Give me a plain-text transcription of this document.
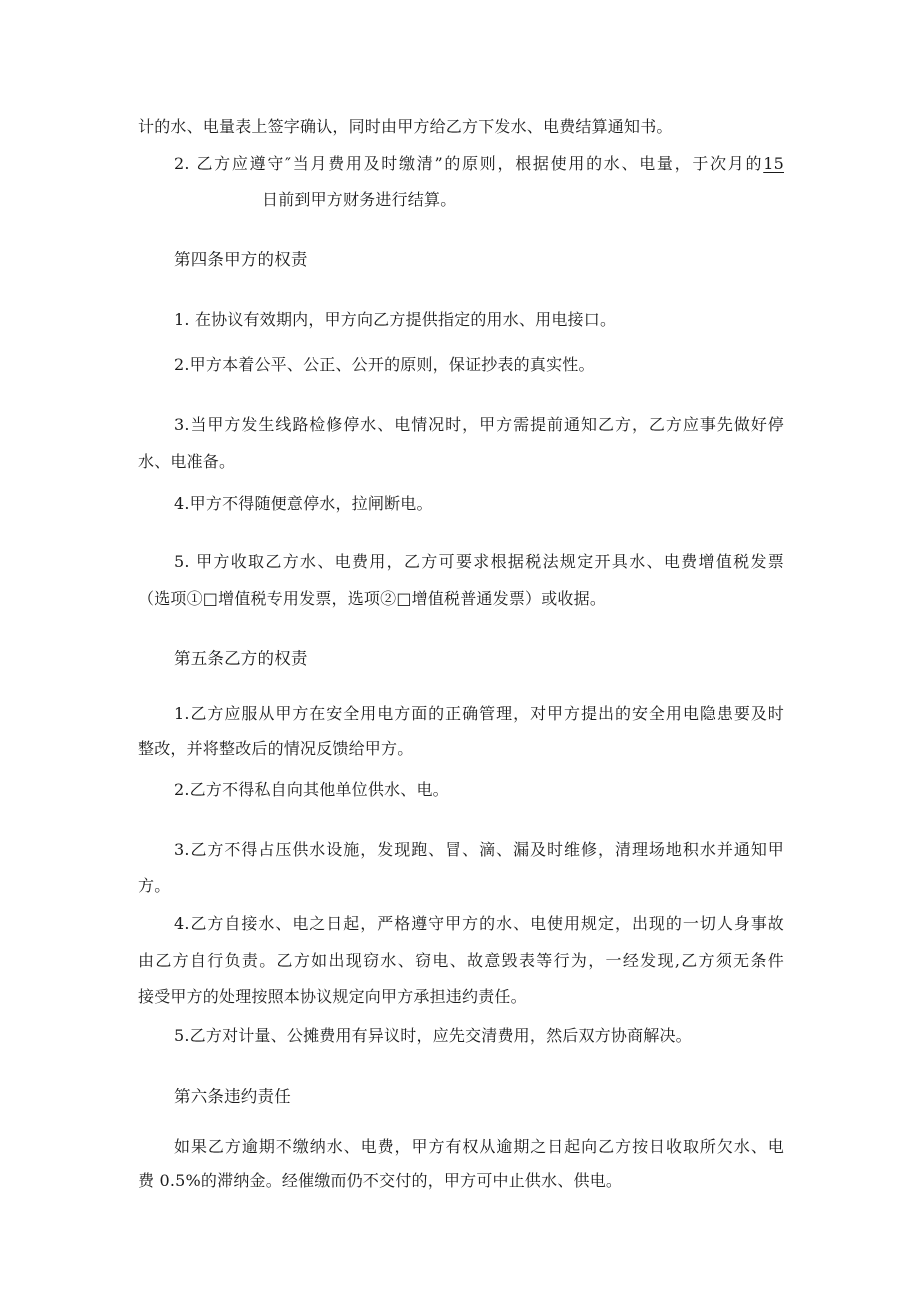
计的水、电量表上签字确认，同时由甲方给乙方下发水、电费结算通知书。
2. 乙方应遵守″当月费用及时缴清”的原则，根据使用的水、电量，于次月的15
日前到甲方财务进行结算。
第四条甲方的权责
1. 在协议有效期内，甲方向乙方提供指定的用水、用电接口。
2.甲方本着公平、公正、公开的原则，保证抄表的真实性。
3.当甲方发生线路检修停水、电情况时，甲方需提前通知乙方，乙方应事先做好停
水、电准备。
4.甲方不得随便意停水，拉闸断电。
5. 甲方收取乙方水、电费用，乙方可要求根据税法规定开具水、电费增值税发票
（选项①□增值税专用发票，选项②□增值税普通发票）或收据。
第五条乙方的权责
1.乙方应服从甲方在安全用电方面的正确管理，对甲方提出的安全用电隐患要及时
整改，并将整改后的情况反馈给甲方。
2.乙方不得私自向其他单位供水、电。
3.乙方不得占压供水设施，发现跑、冒、滴、漏及时维修，清理场地积水并通知甲
方。
4.乙方自接水、电之日起，严格遵守甲方的水、电使用规定，出现的一切人身事故
由乙方自行负责。乙方如出现窃水、窃电、故意毁表等行为，一经发现,乙方须无条件
接受甲方的处理按照本协议规定向甲方承担违约责任。
5.乙方对计量、公摊费用有异议时，应先交清费用，然后双方协商解决。
第六条违约责任
如果乙方逾期不缴纳水、电费，甲方有权从逾期之日起向乙方按日收取所欠水、电
费 0.5%的滞纳金。经催缴而仍不交付的，甲方可中止供水、供电。
